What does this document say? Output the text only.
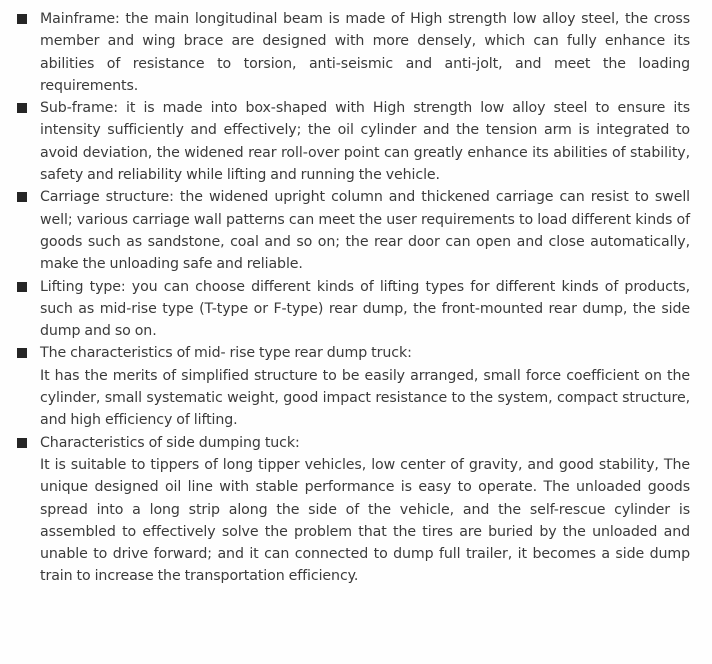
Mainframe: the main longitudinal beam is made of High strength low alloy steel, the cross member and wing brace are designed with more densely, which can fully enhance its abilities of resistance to torsion, anti-seismic and anti-jolt, and meet the loading requirements.
Sub-frame: it is made into box-shaped with High strength low alloy steel to ensure its intensity sufficiently and effectively; the oil cylinder and the tension arm is integrated to avoid deviation, the widened rear roll-over point can greatly enhance its abilities of stability, safety and reliability while lifting and running the vehicle.
Carriage structure: the widened upright column and thickened carriage can resist to swell well; various carriage wall patterns can meet the user requirements to load different kinds of goods such as sandstone, coal and so on; the rear door can open and close automatically, make the unloading safe and reliable.
Lifting type: you can choose different kinds of lifting types for different kinds of products, such as mid-rise type (T-type or F-type) rear dump, the front-mounted rear dump, the side dump and so on.
The characteristics of mid- rise type rear dump truck:
It has the merits of simplified structure to be easily arranged, small force coefficient on the cylinder, small systematic weight, good impact resistance to the system, compact structure, and high efficiency of lifting.
Characteristics of side dumping tuck:
It is suitable to tippers of long tipper vehicles, low center of gravity, and good stability, The unique designed oil line with stable performance is easy to operate. The unloaded goods spread into a long strip along the side of the vehicle, and the self-rescue cylinder is assembled to effectively solve the problem that the tires are buried by the unloaded and unable to drive forward; and it can connected to dump full trailer, it becomes a side dump train to increase the transportation efficiency.
